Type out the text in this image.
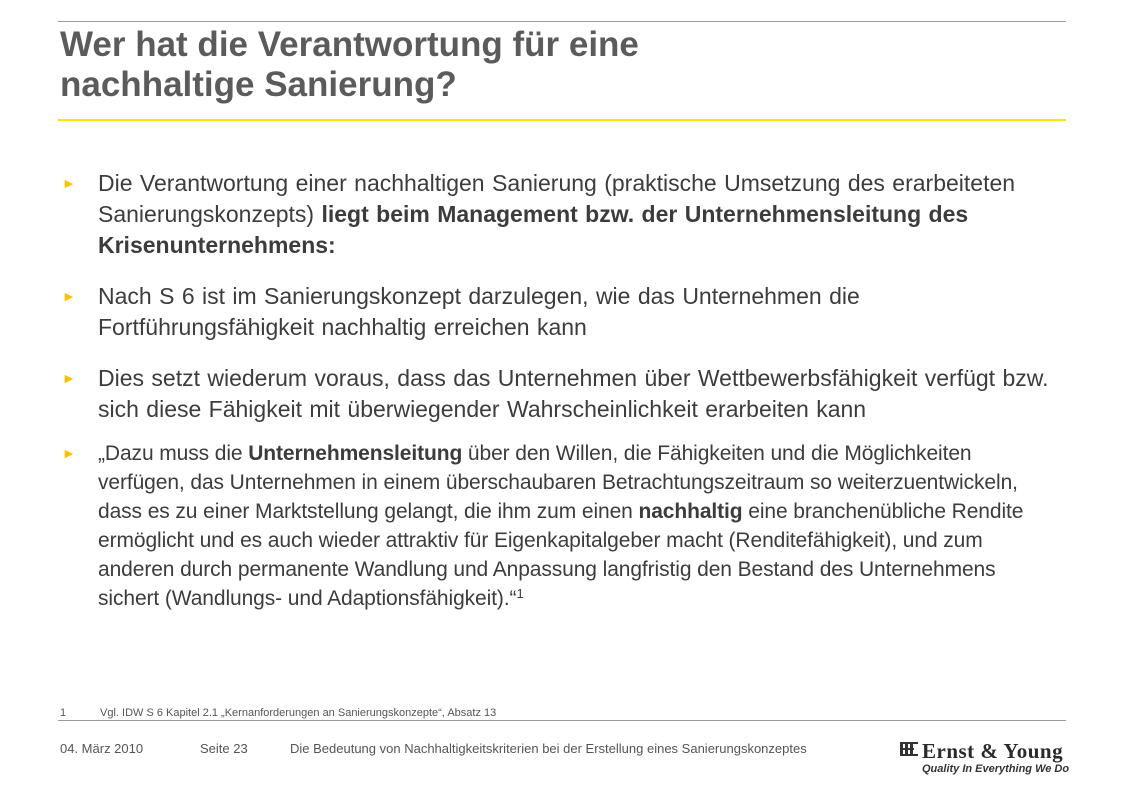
Wer hat die Verantwortung für eine
nachhaltige Sanierung?
► Die Verantwortung einer nachhaltigen Sanierung (praktische Umsetzung des erarbeiteten Sanierungskonzepts) liegt beim Management bzw. der Unternehmensleitung des Krisenunternehmens:
► Nach S 6 ist im Sanierungskonzept darzulegen, wie das Unternehmen die Fortführungsfähigkeit nachhaltig erreichen kann
► Dies setzt wiederum voraus, dass das Unternehmen über Wettbewerbsfähigkeit verfügt bzw. sich diese Fähigkeit mit überwiegender Wahrscheinlichkeit erarbeiten kann
►	„Dazu muss die Unternehmensleitung über den Willen, die Fähigkeiten und die Möglichkeiten verfügen, das Unternehmen in einem überschaubaren Betrachtungszeitraum so weiterzuentwickeln, dass es zu einer Marktstellung gelangt, die ihm zum einen nachhaltig eine branchenübliche Rendite ermöglicht und es auch wieder attraktiv für Eigenkapitalgeber macht (Renditefähigkeit), und zum anderen durch permanente Wandlung und Anpassung langfristig den Bestand des Unternehmens sichert (Wandlungs- und Adaptionsfähigkeit).“$^1$
1	Vgl. IDW S 6 Kapitel 2.1 „Kernanforderungen an Sanierungskonzepte“, Absatz 13
04. März 2010	Seite 23	Die Bedeutung von Nachhaltigkeitskriterien bei der Erstellung eines Sanierungskonzeptes	Ernst & Young
Quality In Everything We Do
